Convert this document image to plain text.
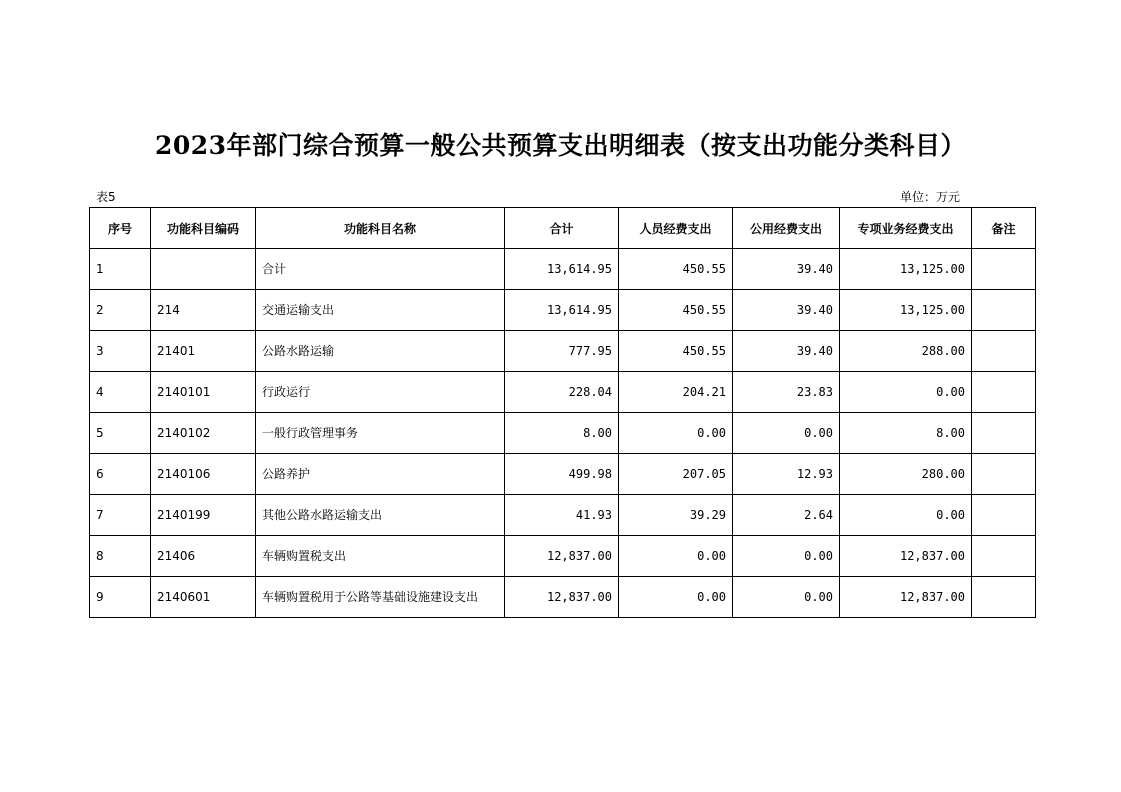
2023年部门综合预算一般公共预算支出明细表（按支出功能分类科目）
表5	单位：万元
序号	功能科目编码	功能科目名称	合计	人员经费支出	公用经费支出	专项业务经费支出	备注
1		合计	13,614.95	450.55	39.40	13,125.00	
2	214	交通运输支出	13,614.95	450.55	39.40	13,125.00	
3	21401	公路水路运输	777.95	450.55	39.40	288.00	
4	2140101	行政运行	228.04	204.21	23.83	0.00	
5	2140102	一般行政管理事务	8.00	0.00	0.00	8.00	
6	2140106	公路养护	499.98	207.05	12.93	280.00	
7	2140199	其他公路水路运输支出	41.93	39.29	2.64	0.00	
8	21406	车辆购置税支出	12,837.00	0.00	0.00	12,837.00	
9	2140601	车辆购置税用于公路等基础设施建设支出	12,837.00	0.00	0.00	12,837.00	
